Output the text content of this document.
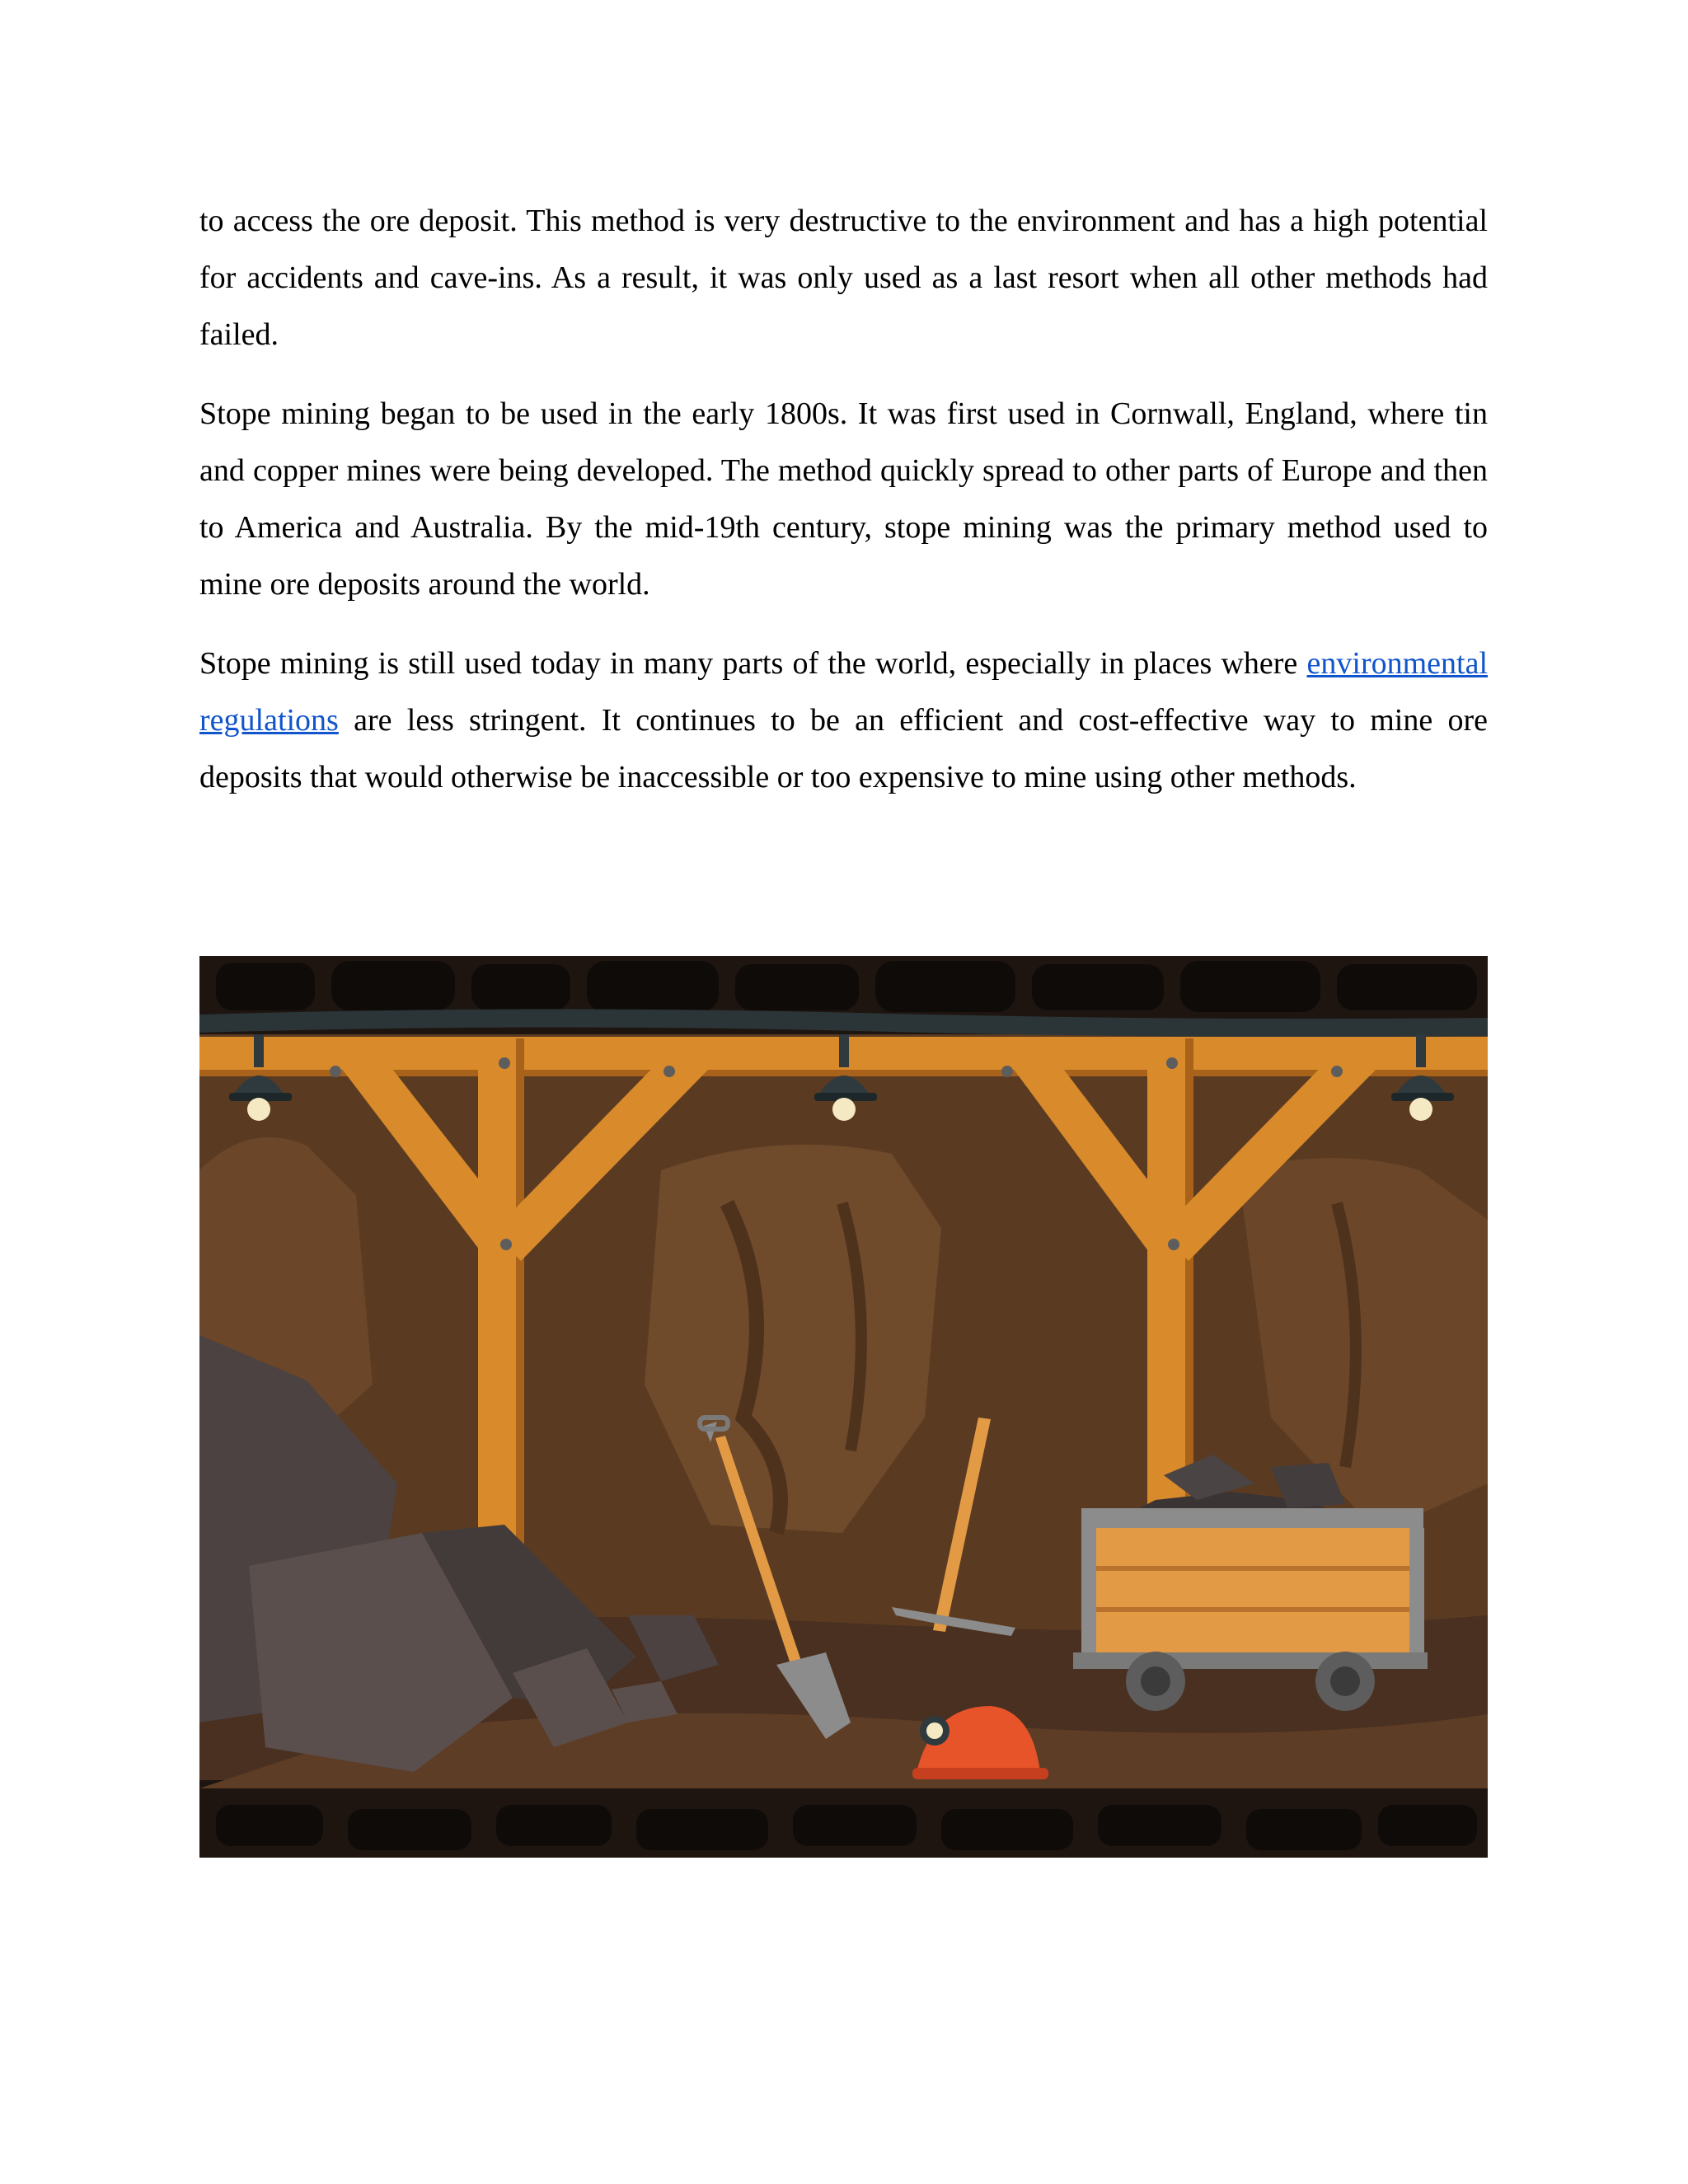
to access the ore deposit. This method is very destructive to the environment and has a high potential for accidents and cave-ins. As a result, it was only used as a last resort when all other methods had failed.

Stope mining began to be used in the early 1800s. It was first used in Cornwall, England, where tin and copper mines were being developed. The method quickly spread to other parts of Europe and then to America and Australia. By the mid-19th century, stope mining was the primary method used to mine ore deposits around the world.

Stope mining is still used today in many parts of the world, especially in places where environmental regulations are less stringent. It continues to be an efficient and cost-effective way to mine ore deposits that would otherwise be inaccessible or too expensive to mine using other methods.
